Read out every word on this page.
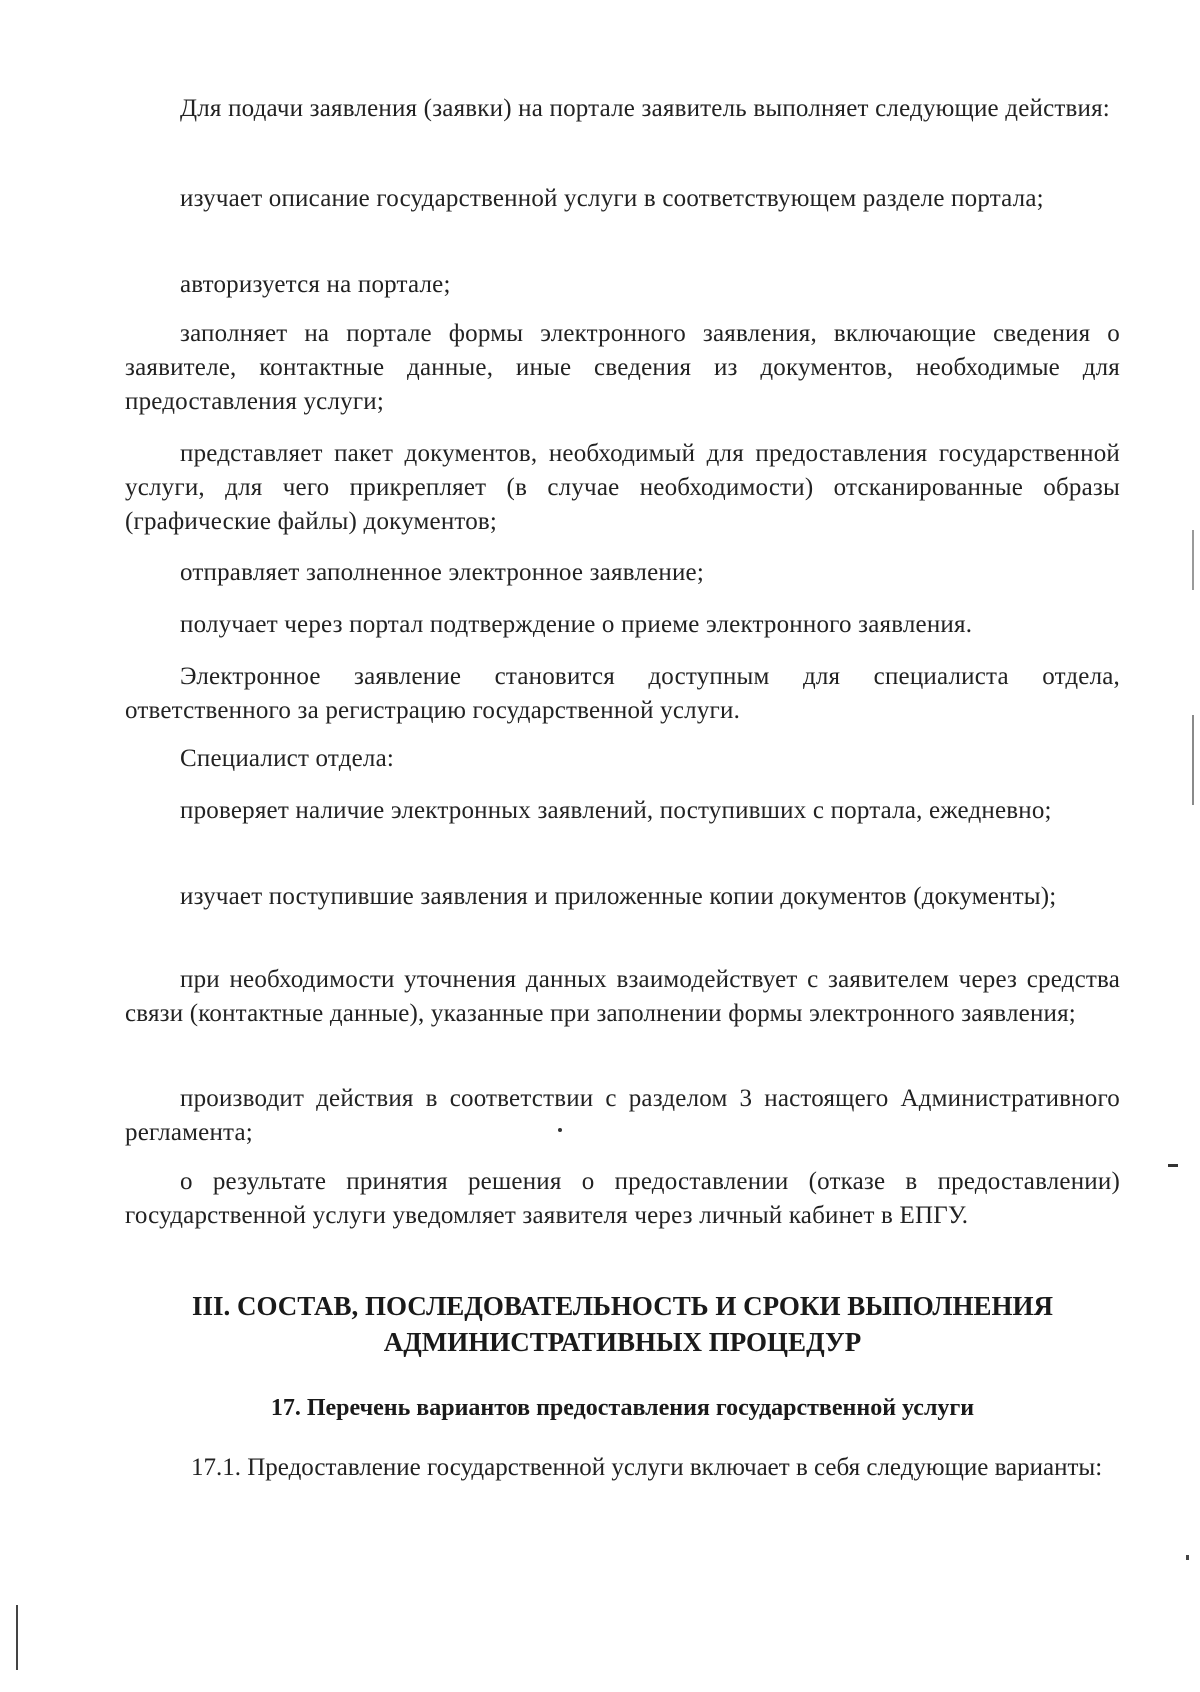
Для подачи заявления (заявки) на портале заявитель выполняет следующие действия:

изучает описание государственной услуги в соответствующем разделе портала;

авторизуется на портале;

заполняет на портале формы электронного заявления, включающие сведения о заявителе, контактные данные, иные сведения из документов, необходимые для предоставления услуги;

представляет пакет документов, необходимый для предоставления государственной услуги, для чего прикрепляет (в случае необходимости) отсканированные образы (графические файлы) документов;

отправляет заполненное электронное заявление;

получает через портал подтверждение о приеме электронного заявления.

Электронное заявление становится доступным для специалиста отдела, ответственного за регистрацию государственной услуги.

Специалист отдела:

проверяет наличие электронных заявлений, поступивших с портала, ежедневно;

изучает поступившие заявления и приложенные копии документов (документы);

при необходимости уточнения данных взаимодействует с заявителем через средства связи (контактные данные), указанные при заполнении формы электронного заявления;

производит действия в соответствии с разделом 3 настоящего Административного регламента;

о результате принятия решения о предоставлении (отказе в предоставлении) государственной услуги уведомляет заявителя через личный кабинет в ЕПГУ.

III. СОСТАВ, ПОСЛЕДОВАТЕЛЬНОСТЬ И СРОКИ ВЫПОЛНЕНИЯ
АДМИНИСТРАТИВНЫХ ПРОЦЕДУР
17. Перечень вариантов предоставления государственной услуги

17.1. Предоставление государственной услуги включает в себя следующие варианты:
